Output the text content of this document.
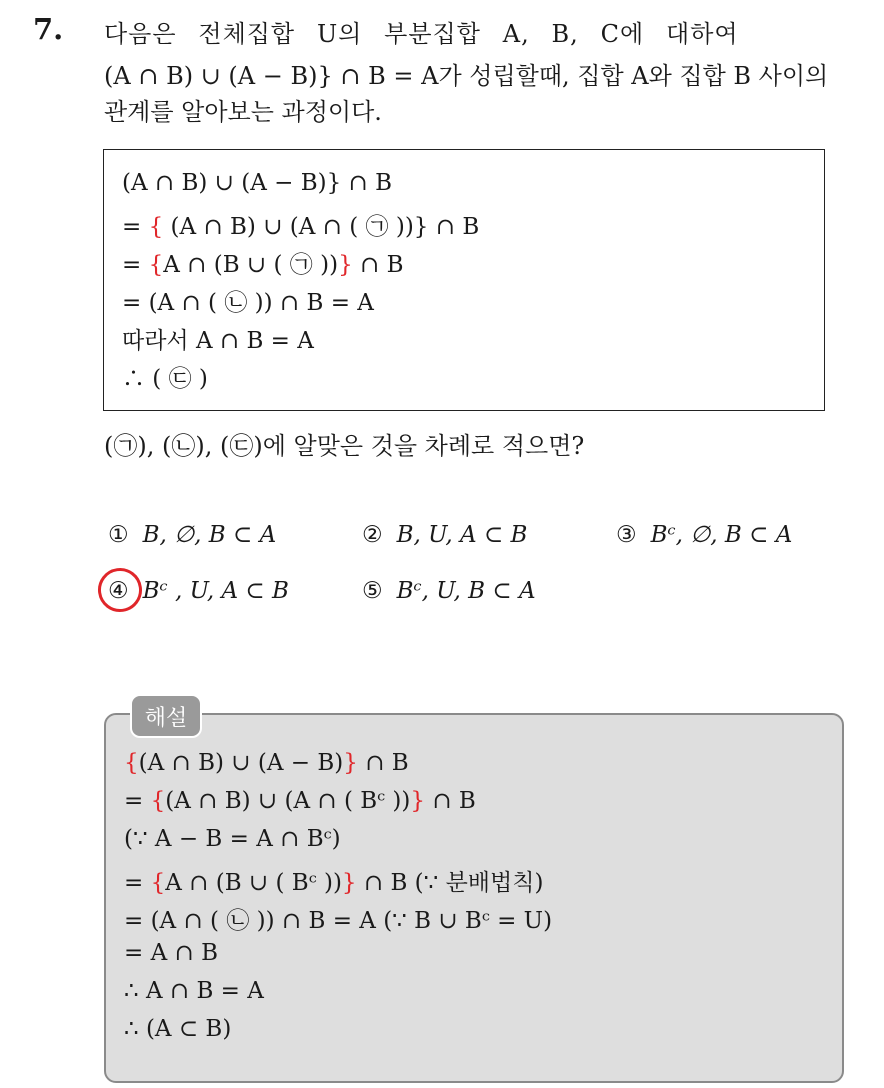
7. 다음은 전체집합 U의 부분집합 A, B, C에 대하여
(A ∩ B) ∪ (A − B)} ∩ B = A가 성립할때, 집합 A와 집합 B 사이의
관계를 알아보는 과정이다.
(A ∩ B) ∪ (A − B)} ∩ B
= { (A ∩ B) ∪ (A ∩ ( ㉠ ))} ∩ B
= {A ∩ (B ∪ ( ㉠ ))} ∩ B
= (A ∩ ( ㉡ )) ∩ B = A
따라서 A ∩ B = A
∴ ( ㉢ )
(㉠), (㉡), (㉢)에 알맞은 것을 차례로 적으면?
① B, ∅, B ⊂ A	② B, U, A ⊂ B	③ Bᶜ, ∅, B ⊂ A
④ Bᶜ , U, A ⊂ B	⑤ Bᶜ, U, B ⊂ A
해설
{(A ∩ B) ∪ (A − B)} ∩ B
= {(A ∩ B) ∪ (A ∩ ( Bᶜ ))} ∩ B
(∵ A − B = A ∩ Bᶜ)
= {A ∩ (B ∪ ( Bᶜ ))} ∩ B (∵ 분배법칙)
= (A ∩ ( ㉡ )) ∩ B = A (∵ B ∪ Bᶜ = U)
= A ∩ B
∴ A ∩ B = A
∴ (A ⊂ B)
